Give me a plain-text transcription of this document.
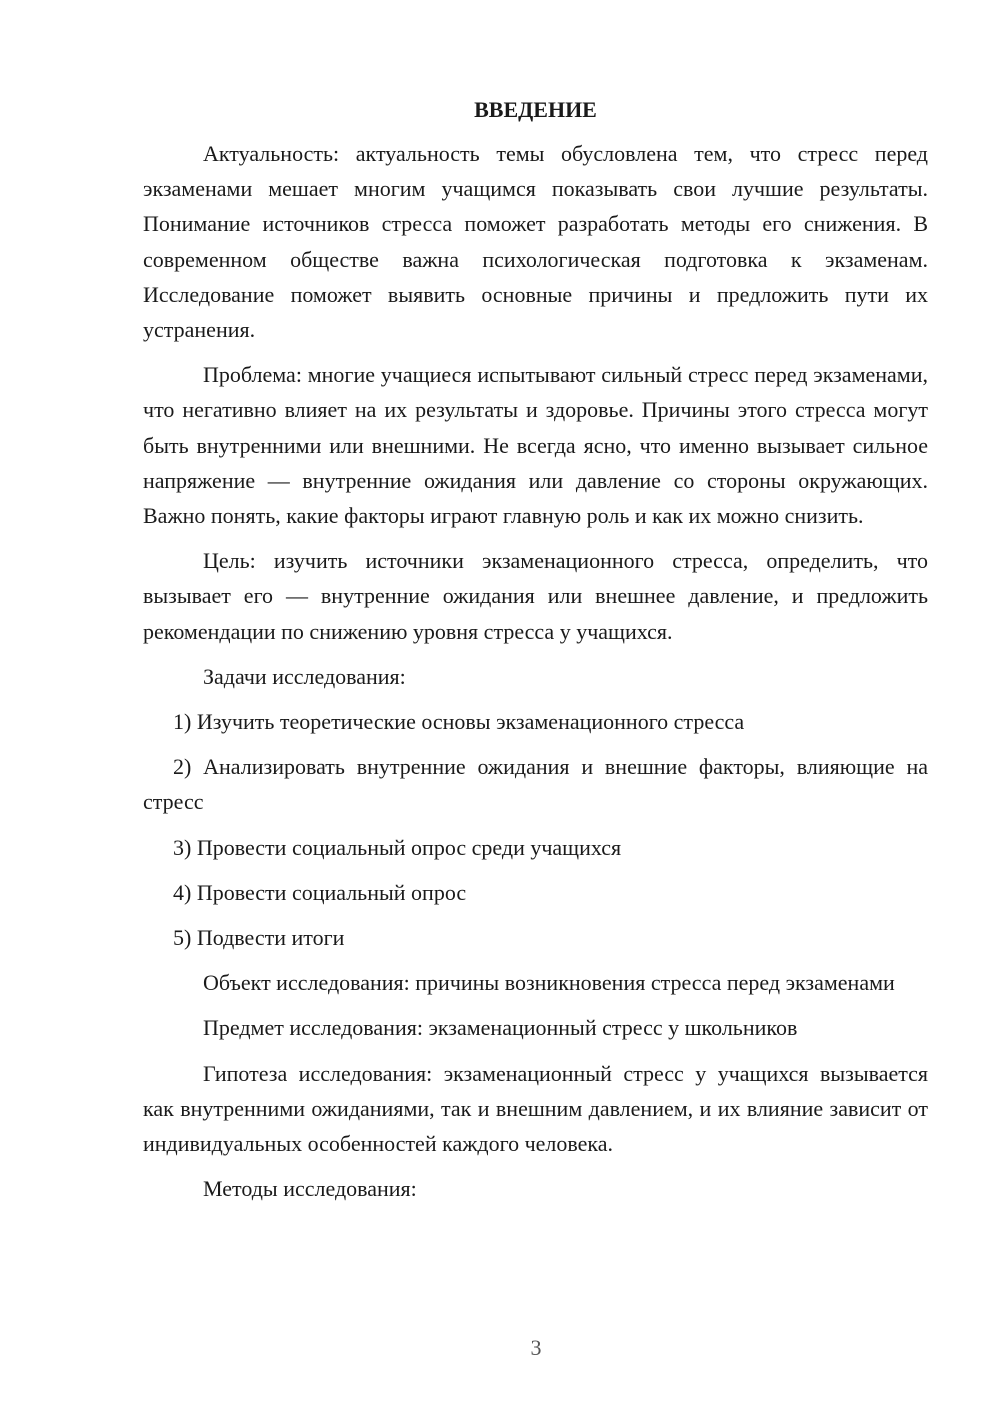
ВВЕДЕНИЕ

Актуальность: актуальность темы обусловлена тем, что стресс перед экзаменами мешает многим учащимся показывать свои лучшие результаты. Понимание источников стресса поможет разработать методы его снижения. В современном обществе важна психологическая подготовка к экзаменам. Исследование поможет выявить основные причины и предложить пути их устранения.

Проблема: многие учащиеся испытывают сильный стресс перед экзаменами, что негативно влияет на их результаты и здоровье. Причины этого стресса могут быть внутренними или внешними. Не всегда ясно, что именно вызывает сильное напряжение — внутренние ожидания или давление со стороны окружающих. Важно понять, какие факторы играют главную роль и как их можно снизить.

Цель: изучить источники экзаменационного стресса, определить, что вызывает его — внутренние ожидания или внешнее давление, и предложить рекомендации по снижению уровня стресса у учащихся.

Задачи исследования:

1) Изучить теоретические основы экзаменационного стресса

2) Анализировать внутренние ожидания и внешние факторы, влияющие на стресс

3) Провести социальный опрос среди учащихся

4) Провести социальный опрос

5) Подвести итоги

Объект исследования: причины возникновения стресса перед экзаменами

Предмет исследования: экзаменационный стресс у школьников

Гипотеза исследования: экзаменационный стресс у учащихся вызывается как внутренними ожиданиями, так и внешним давлением, и их влияние зависит от индивидуальных особенностей каждого человека.

Методы исследования:

3
